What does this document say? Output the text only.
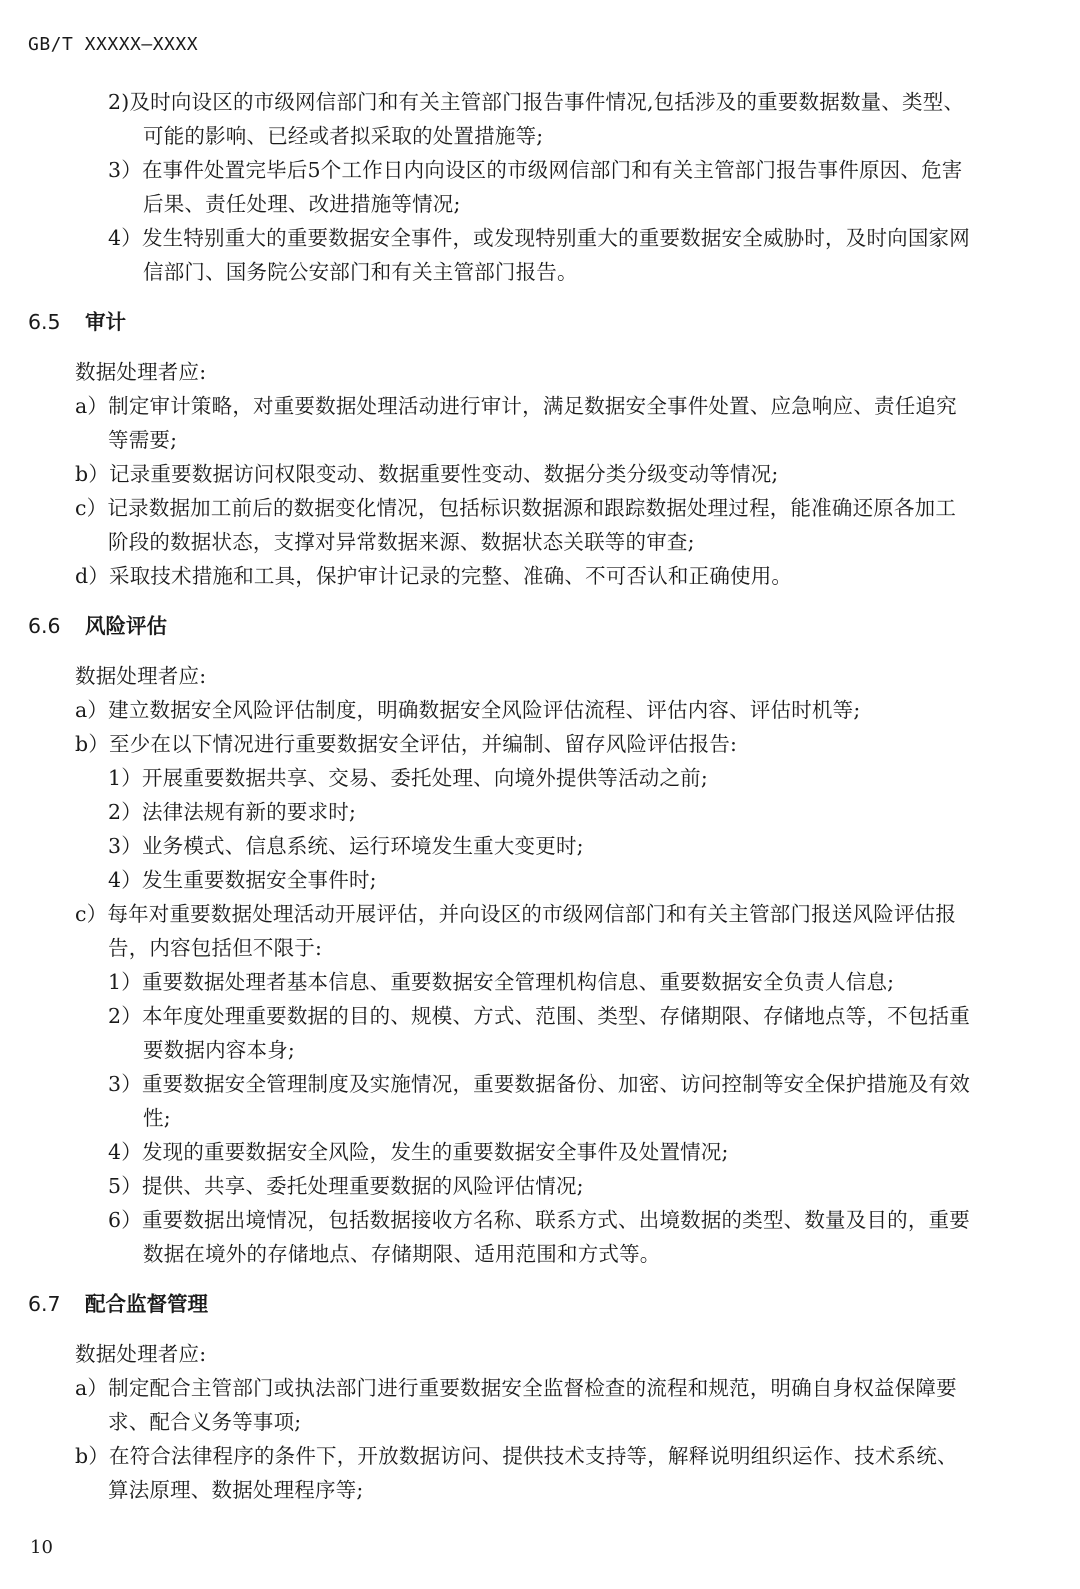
GB/T XXXXX—XXXX
2)及时向设区的市级网信部门和有关主管部门报告事件情况,包括涉及的重要数据数量、类型、
可能的影响、已经或者拟采取的处置措施等;
3）在事件处置完毕后5个工作日内向设区的市级网信部门和有关主管部门报告事件原因、危害
后果、责任处理、改进措施等情况;
4）发生特别重大的重要数据安全事件，或发现特别重大的重要数据安全威胁时，及时向国家网
信部门、国务院公安部门和有关主管部门报告。
6.5 审计
数据处理者应:
a）制定审计策略，对重要数据处理活动进行审计，满足数据安全事件处置、应急响应、责任追究
等需要;
b）记录重要数据访问权限变动、数据重要性变动、数据分类分级变动等情况;
c）记录数据加工前后的数据变化情况，包括标识数据源和跟踪数据处理过程，能准确还原各加工
阶段的数据状态，支撑对异常数据来源、数据状态关联等的审查;
d）采取技术措施和工具，保护审计记录的完整、准确、不可否认和正确使用。
6.6 风险评估
数据处理者应:
a）建立数据安全风险评估制度，明确数据安全风险评估流程、评估内容、评估时机等;
b）至少在以下情况进行重要数据安全评估，并编制、留存风险评估报告:
1）开展重要数据共享、交易、委托处理、向境外提供等活动之前;
2）法律法规有新的要求时;
3）业务模式、信息系统、运行环境发生重大变更时;
4）发生重要数据安全事件时;
c）每年对重要数据处理活动开展评估，并向设区的市级网信部门和有关主管部门报送风险评估报
告，内容包括但不限于:
1）重要数据处理者基本信息、重要数据安全管理机构信息、重要数据安全负责人信息;
2）本年度处理重要数据的目的、规模、方式、范围、类型、存储期限、存储地点等，不包括重
要数据内容本身;
3）重要数据安全管理制度及实施情况，重要数据备份、加密、访问控制等安全保护措施及有效
性;
4）发现的重要数据安全风险，发生的重要数据安全事件及处置情况;
5）提供、共享、委托处理重要数据的风险评估情况;
6）重要数据出境情况，包括数据接收方名称、联系方式、出境数据的类型、数量及目的，重要
数据在境外的存储地点、存储期限、适用范围和方式等。
6.7 配合监督管理
数据处理者应:
a）制定配合主管部门或执法部门进行重要数据安全监督检查的流程和规范，明确自身权益保障要
求、配合义务等事项;
b）在符合法律程序的条件下，开放数据访问、提供技术支持等，解释说明组织运作、技术系统、
算法原理、数据处理程序等;
10
